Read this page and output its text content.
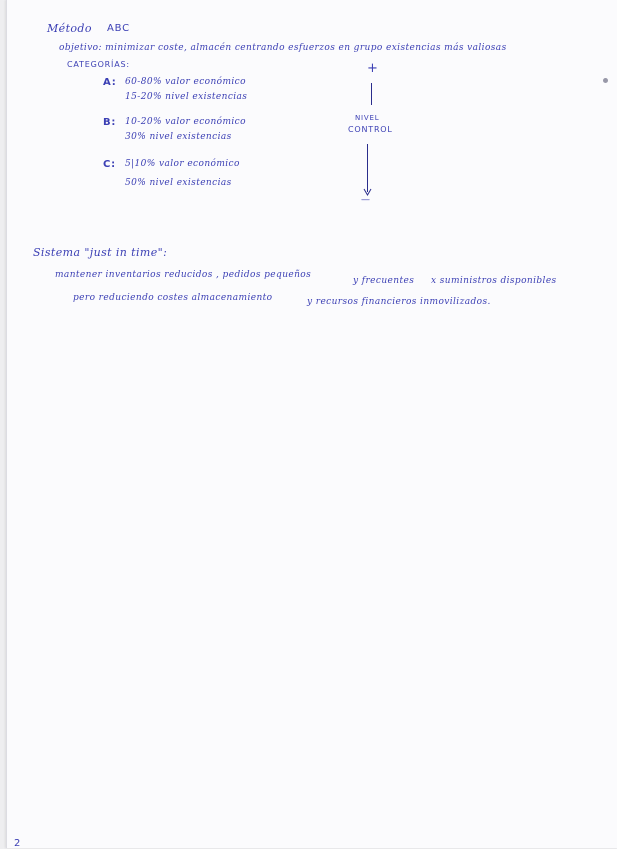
Método ABC
objetivo: minimizar coste, almacén centrando esfuerzos en grupo existencias más valiosas
CATEGORÍAS:
A: 60-80% valor económico
15-20% nivel existencias
B: 10-20% valor económico
30% nivel existencias
C: 5|10% valor económico
50% nivel existencias
+
NIVEL
CONTROL
—
Sistema "just in time":
mantener inventarios reducidos , pedidos pequeños
y frecuentes x suministros disponibles
pero reduciendo costes almacenamiento	y recursos financieros inmovilizados.
2
